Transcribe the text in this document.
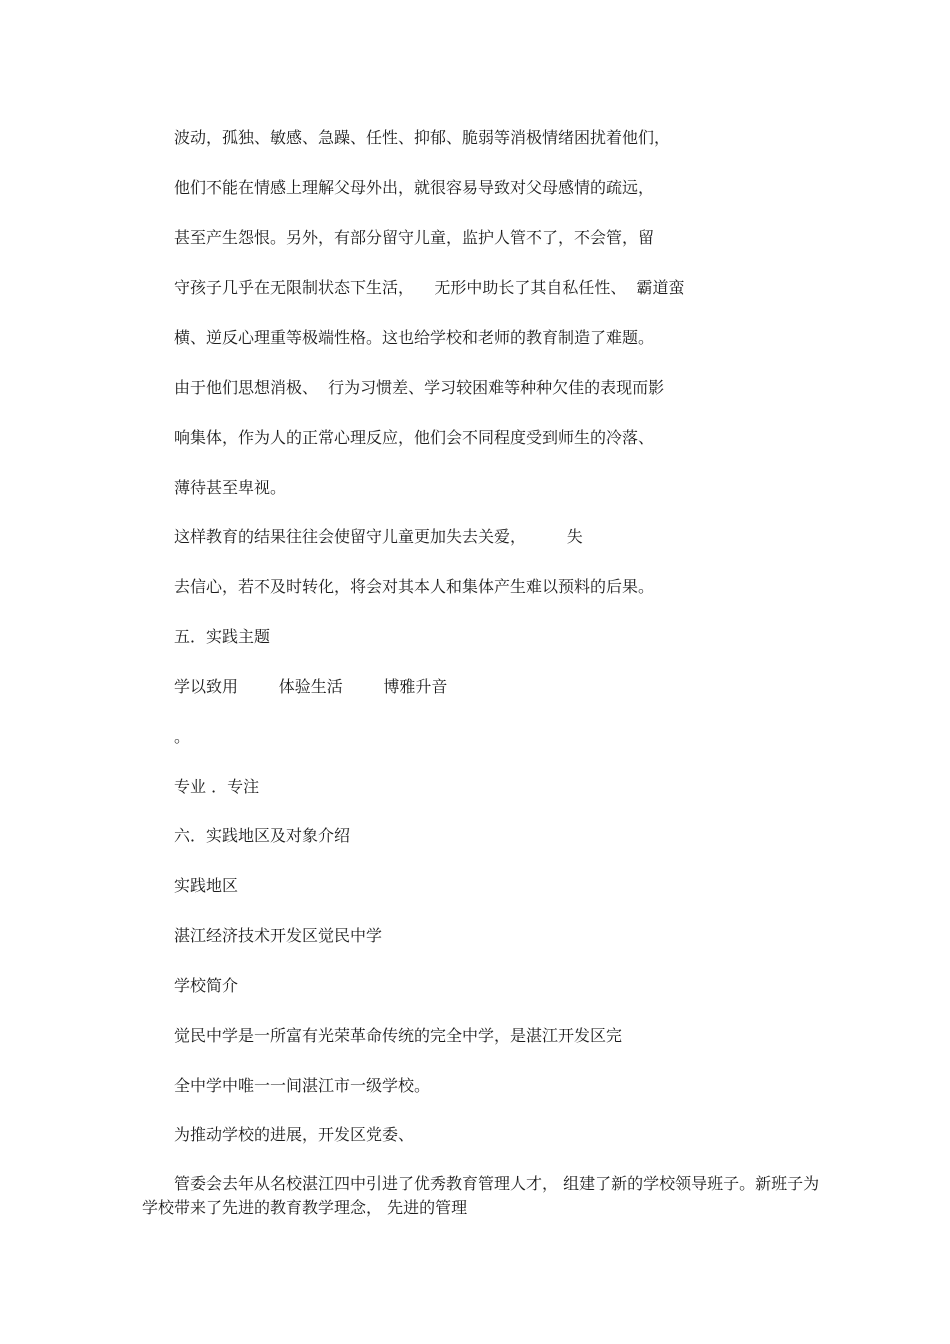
波动，孤独、敏感、急躁、任性、抑郁、脆弱等消极情绪困扰着他们，
他们不能在情感上理解父母外出，就很容易导致对父母感情的疏远，
甚至产生怨恨。另外，有部分留守儿童，监护人管不了，不会管，留
守孩子几乎在无限制状态下生活，    无形中助长了其自私任性、  霸道蛮
横、逆反心理重等极端性格。这也给学校和老师的教育制造了难题。
由于他们思想消极、  行为习惯差、学习较困难等种种欠佳的表现而影
响集体，作为人的正常心理反应，他们会不同程度受到师生的冷落、
薄待甚至卑视。
这样教育的结果往往会使留守儿童更加失去关爱，        失
去信心，若不及时转化，将会对其本人和集体产生难以预料的后果。
五．实践主题
学以致用        体验生活        博雅升音
。
专业 ．专注
六．实践地区及对象介绍
实践地区
湛江经济技术开发区觉民中学
学校简介
觉民中学是一所富有光荣革命传统的完全中学，是湛江开发区完
全中学中唯一一间湛江市一级学校。
为推动学校的进展，开发区党委、
管委会去年从名校湛江四中引进了优秀教育管理人才， 组建了新的学校领导班子。新班子为学校带来了先进的教育教学理念， 先进的管理
